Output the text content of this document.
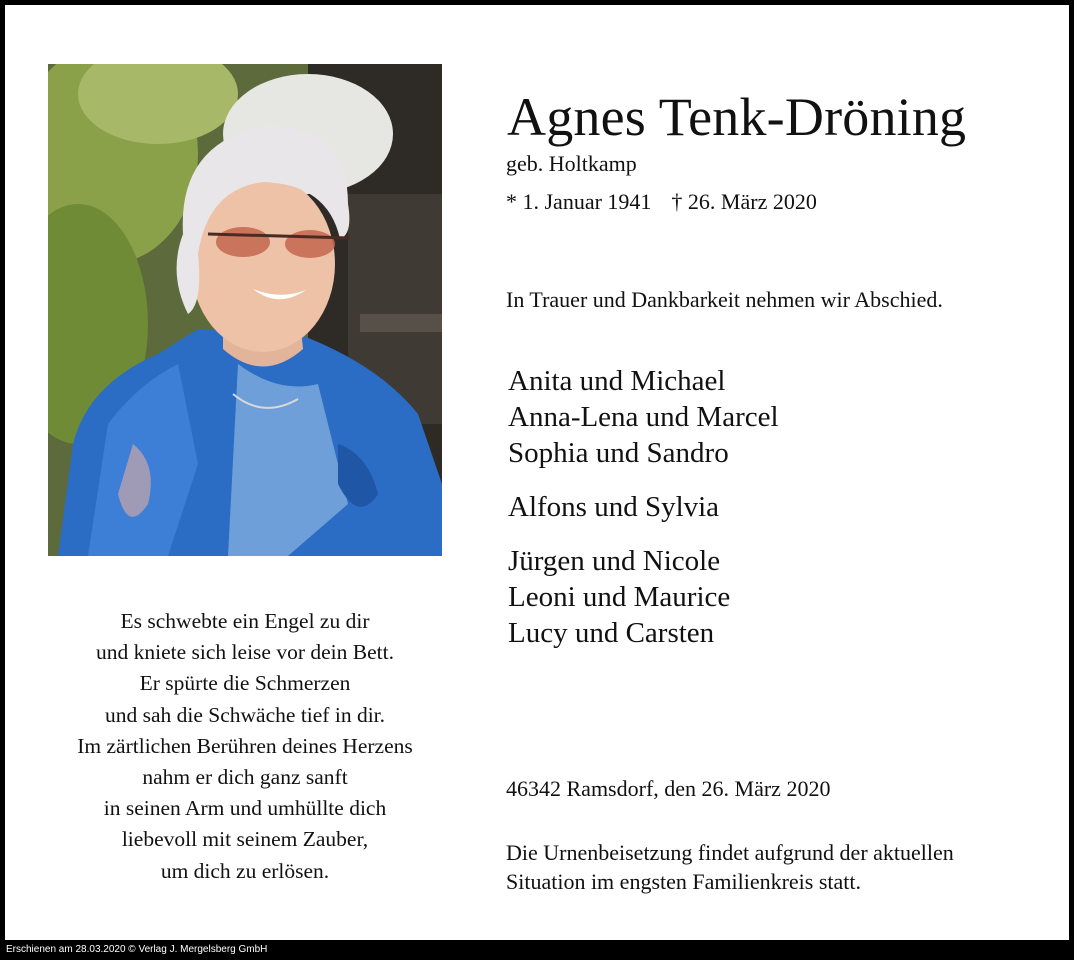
Agnes Tenk-Dröning
geb. Holtkamp
* 1. Januar 1941 † 26. März 2020
In Trauer und Dankbarkeit nehmen wir Abschied.
Anita und Michael
Anna-Lena und Marcel
Sophia und Sandro
Alfons und Sylvia
Jürgen und Nicole
Leoni und Maurice
Lucy und Carsten
46342 Ramsdorf, den 26. März 2020
Die Urnenbeisetzung findet aufgrund der aktuellen
Situation im engsten Familienkreis statt.
Es schwebte ein Engel zu dir
und kniete sich leise vor dein Bett.
Er spürte die Schmerzen
und sah die Schwäche tief in dir.
Im zärtlichen Berühren deines Herzens
nahm er dich ganz sanft
in seinen Arm und umhüllte dich
liebevoll mit seinem Zauber,
um dich zu erlösen.
Erschienen am 28.03.2020 © Verlag J. Mergelsberg GmbH
